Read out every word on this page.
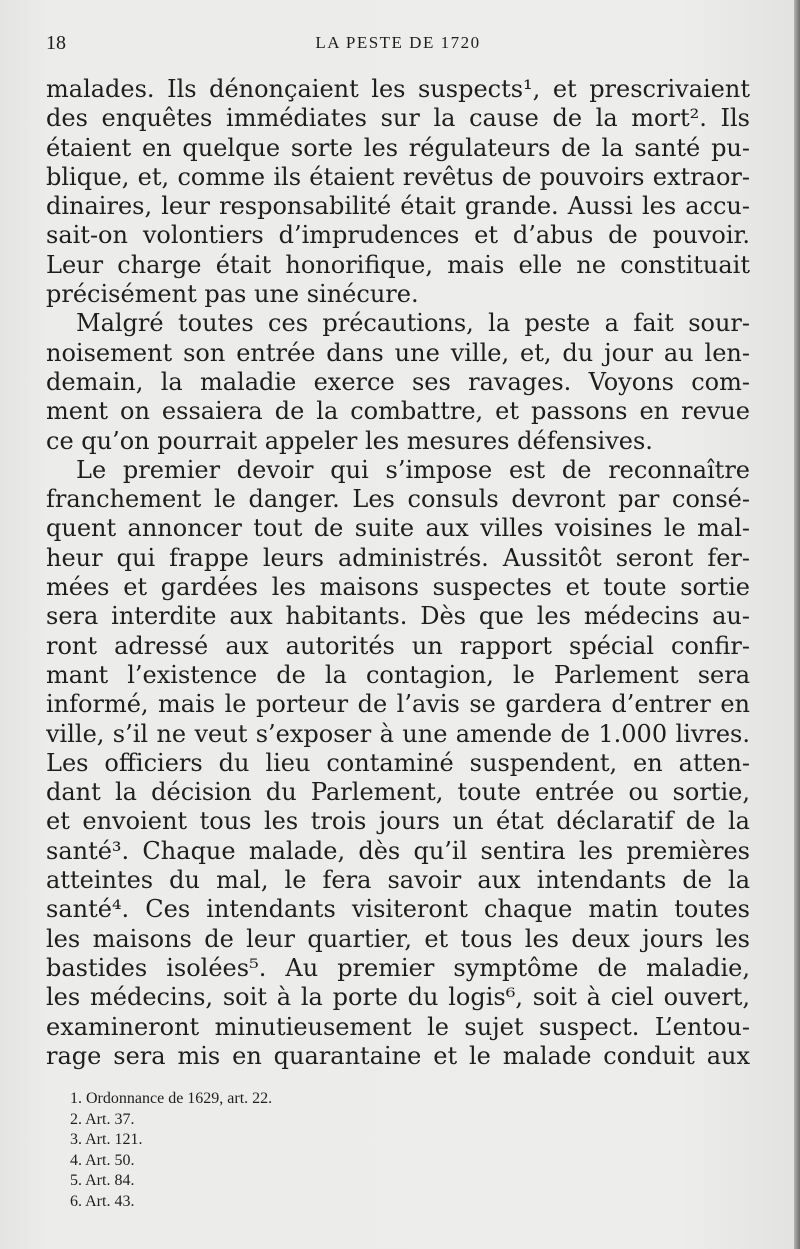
18	LA PESTE DE 1720
malades. Ils dénonçaient les suspects¹, et prescrivaient
des enquêtes immédiates sur la cause de la mort². Ils
étaient en quelque sorte les régulateurs de la santé pu-
blique, et, comme ils étaient revêtus de pouvoirs extraor-
dinaires, leur responsabilité était grande. Aussi les accu-
sait-on volontiers d’imprudences et d’abus de pouvoir.
Leur charge était honorifique, mais elle ne constituait
précisément pas une sinécure.
Malgré toutes ces précautions, la peste a fait sour-
noisement son entrée dans une ville, et, du jour au len-
demain, la maladie exerce ses ravages. Voyons com-
ment on essaiera de la combattre, et passons en revue
ce qu’on pourrait appeler les mesures défensives.
Le premier devoir qui s’impose est de reconnaître
franchement le danger. Les consuls devront par consé-
quent annoncer tout de suite aux villes voisines le mal-
heur qui frappe leurs administrés. Aussitôt seront fer-
mées et gardées les maisons suspectes et toute sortie
sera interdite aux habitants. Dès que les médecins au-
ront adressé aux autorités un rapport spécial confir-
mant l’existence de la contagion, le Parlement sera
informé, mais le porteur de l’avis se gardera d’entrer en
ville, s’il ne veut s’exposer à une amende de 1.000 livres.
Les officiers du lieu contaminé suspendent, en atten-
dant la décision du Parlement, toute entrée ou sortie,
et envoient tous les trois jours un état déclaratif de la
santé³. Chaque malade, dès qu’il sentira les premières
atteintes du mal, le fera savoir aux intendants de la
santé⁴. Ces intendants visiteront chaque matin toutes
les maisons de leur quartier, et tous les deux jours les
bastides isolées⁵. Au premier symptôme de maladie,
les médecins, soit à la porte du logis⁶, soit à ciel ouvert,
examineront minutieusement le sujet suspect. L’entou-
rage sera mis en quarantaine et le malade conduit aux
1. Ordonnance de 1629, art. 22.
2. Art. 37.
3. Art. 121.
4. Art. 50.
5. Art. 84.
6. Art. 43.
